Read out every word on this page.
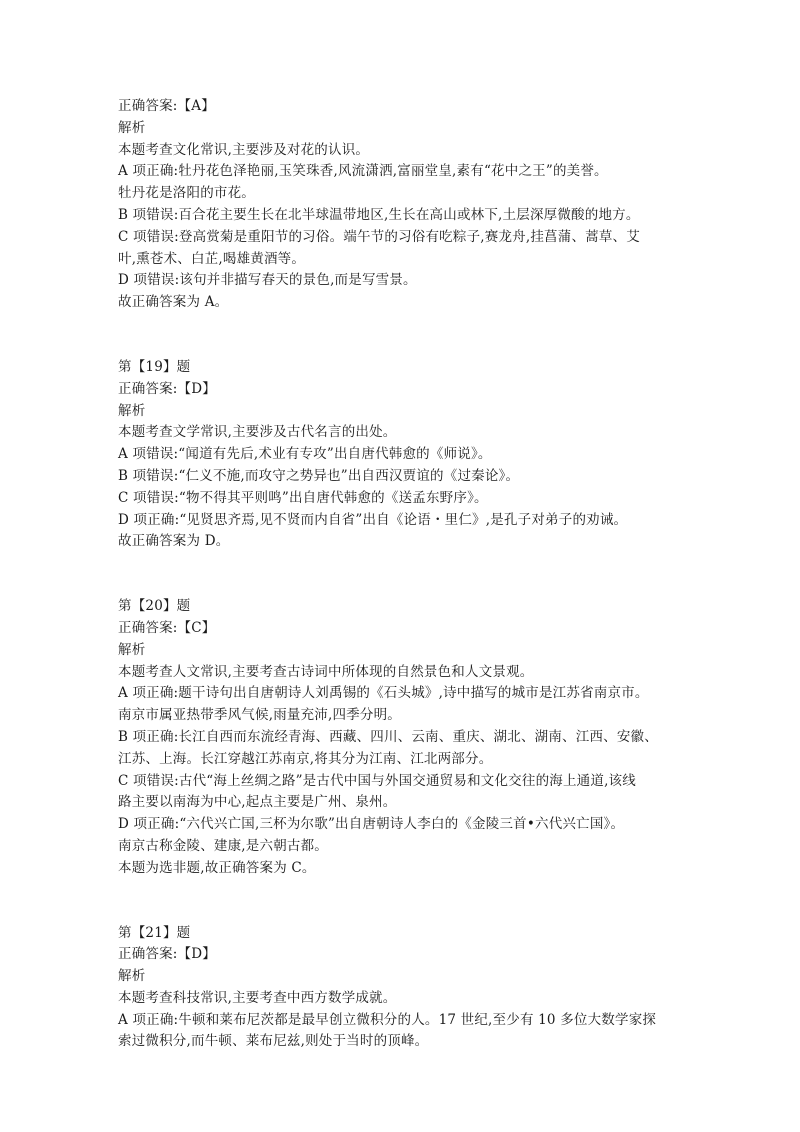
正确答案:【A】
解析
本题考查文化常识,主要涉及对花的认识。
A 项正确:牡丹花色泽艳丽,玉笑珠香,风流潇洒,富丽堂皇,素有“花中之王”的美誉。
牡丹花是洛阳的市花。
B 项错误:百合花主要生长在北半球温带地区,生长在高山或林下,土层深厚微酸的地方。
C 项错误:登高赏菊是重阳节的习俗。端午节的习俗有吃粽子,赛龙舟,挂菖蒲、蒿草、艾
叶,熏苍术、白芷,喝雄黄酒等。
D 项错误:该句并非描写春天的景色,而是写雪景。
故正确答案为 A。
第【19】题
正确答案:【D】
解析
本题考查文学常识,主要涉及古代名言的出处。
A 项错误:“闻道有先后,术业有专攻”出自唐代韩愈的《师说》。
B 项错误:“仁义不施,而攻守之势异也”出自西汉贾谊的《过秦论》。
C 项错误:“物不得其平则鸣”出自唐代韩愈的《送孟东野序》。
D 项正确:“见贤思齐焉,见不贤而内自省”出自《论语・里仁》,是孔子对弟子的劝诫。
故正确答案为 D。
第【20】题
正确答案:【C】
解析
本题考查人文常识,主要考查古诗词中所体现的自然景色和人文景观。
A 项正确:题干诗句出自唐朝诗人刘禹锡的《石头城》,诗中描写的城市是江苏省南京市。
南京市属亚热带季风气候,雨量充沛,四季分明。
B 项正确:长江自西而东流经青海、西藏、四川、云南、重庆、湖北、湖南、江西、安徽、
江苏、上海。长江穿越江苏南京,将其分为江南、江北两部分。
C 项错误:古代“海上丝绸之路”是古代中国与外国交通贸易和文化交往的海上通道,该线
路主要以南海为中心,起点主要是广州、泉州。
D 项正确:“六代兴亡国,三杯为尔歌”出自唐朝诗人李白的《金陵三首•六代兴亡国》。
南京古称金陵、建康,是六朝古都。
本题为选非题,故正确答案为 C。
第【21】题
正确答案:【D】
解析
本题考查科技常识,主要考查中西方数学成就。
A 项正确:牛顿和莱布尼茨都是最早创立微积分的人。17 世纪,至少有 10 多位大数学家探
索过微积分,而牛顿、莱布尼兹,则处于当时的顶峰。
